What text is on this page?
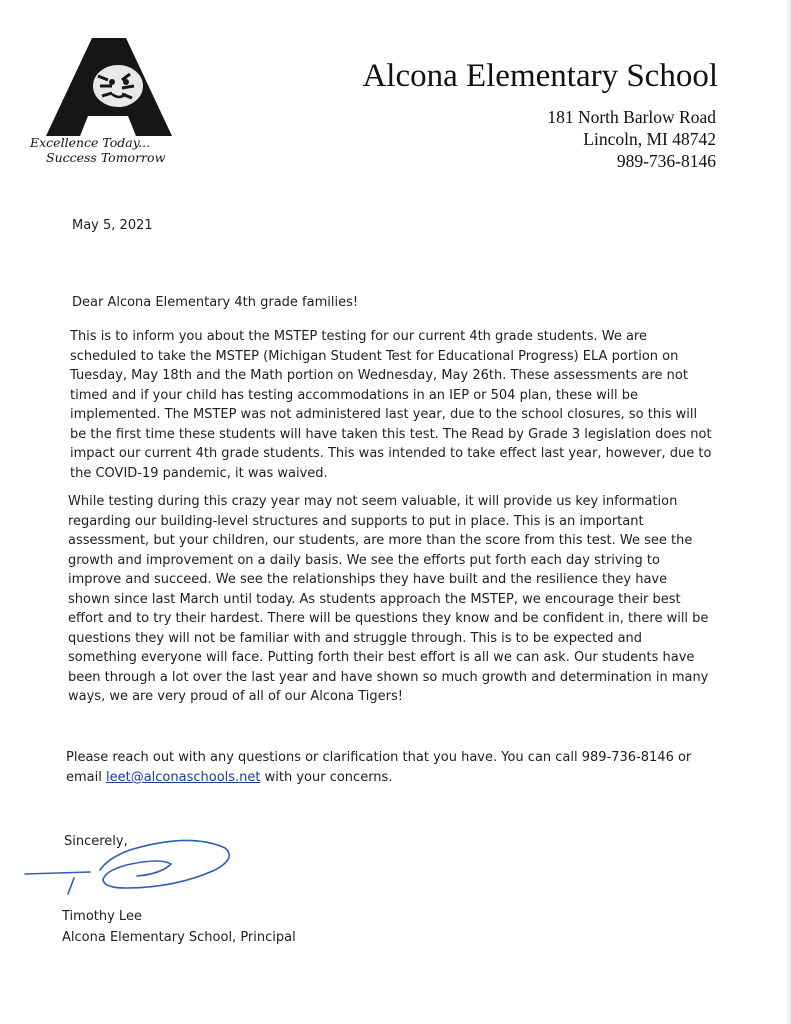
Excellence Today...
Success Tomorrow
Alcona Elementary School
181 North Barlow Road
Lincoln, MI 48742
989-736-8146
May 5, 2021
Dear Alcona Elementary 4th grade families!
This is to inform you about the MSTEP testing for our current 4th grade students. We are scheduled to take the MSTEP (Michigan Student Test for Educational Progress) ELA portion on Tuesday, May 18th and the Math portion on Wednesday, May 26th. These assessments are not timed and if your child has testing accommodations in an IEP or 504 plan, these will be implemented. The MSTEP was not administered last year, due to the school closures, so this will be the first time these students will have taken this test. The Read by Grade 3 legislation does not impact our current 4th grade students. This was intended to take effect last year, however, due to the COVID-19 pandemic, it was waived.
While testing during this crazy year may not seem valuable, it will provide us key information regarding our building-level structures and supports to put in place. This is an important assessment, but your children, our students, are more than the score from this test. We see the growth and improvement on a daily basis. We see the efforts put forth each day striving to improve and succeed. We see the relationships they have built and the resilience they have shown since last March until today. As students approach the MSTEP, we encourage their best effort and to try their hardest. There will be questions they know and be confident in, there will be questions they will not be familiar with and struggle through. This is to be expected and something everyone will face. Putting forth their best effort is all we can ask. Our students have been through a lot over the last year and have shown so much growth and determination in many ways, we are very proud of all of our Alcona Tigers!
Please reach out with any questions or clarification that you have. You can call 989-736-8146 or email leet@alconaschools.net with your concerns.
Sincerely,
Timothy Lee
Alcona Elementary School, Principal
